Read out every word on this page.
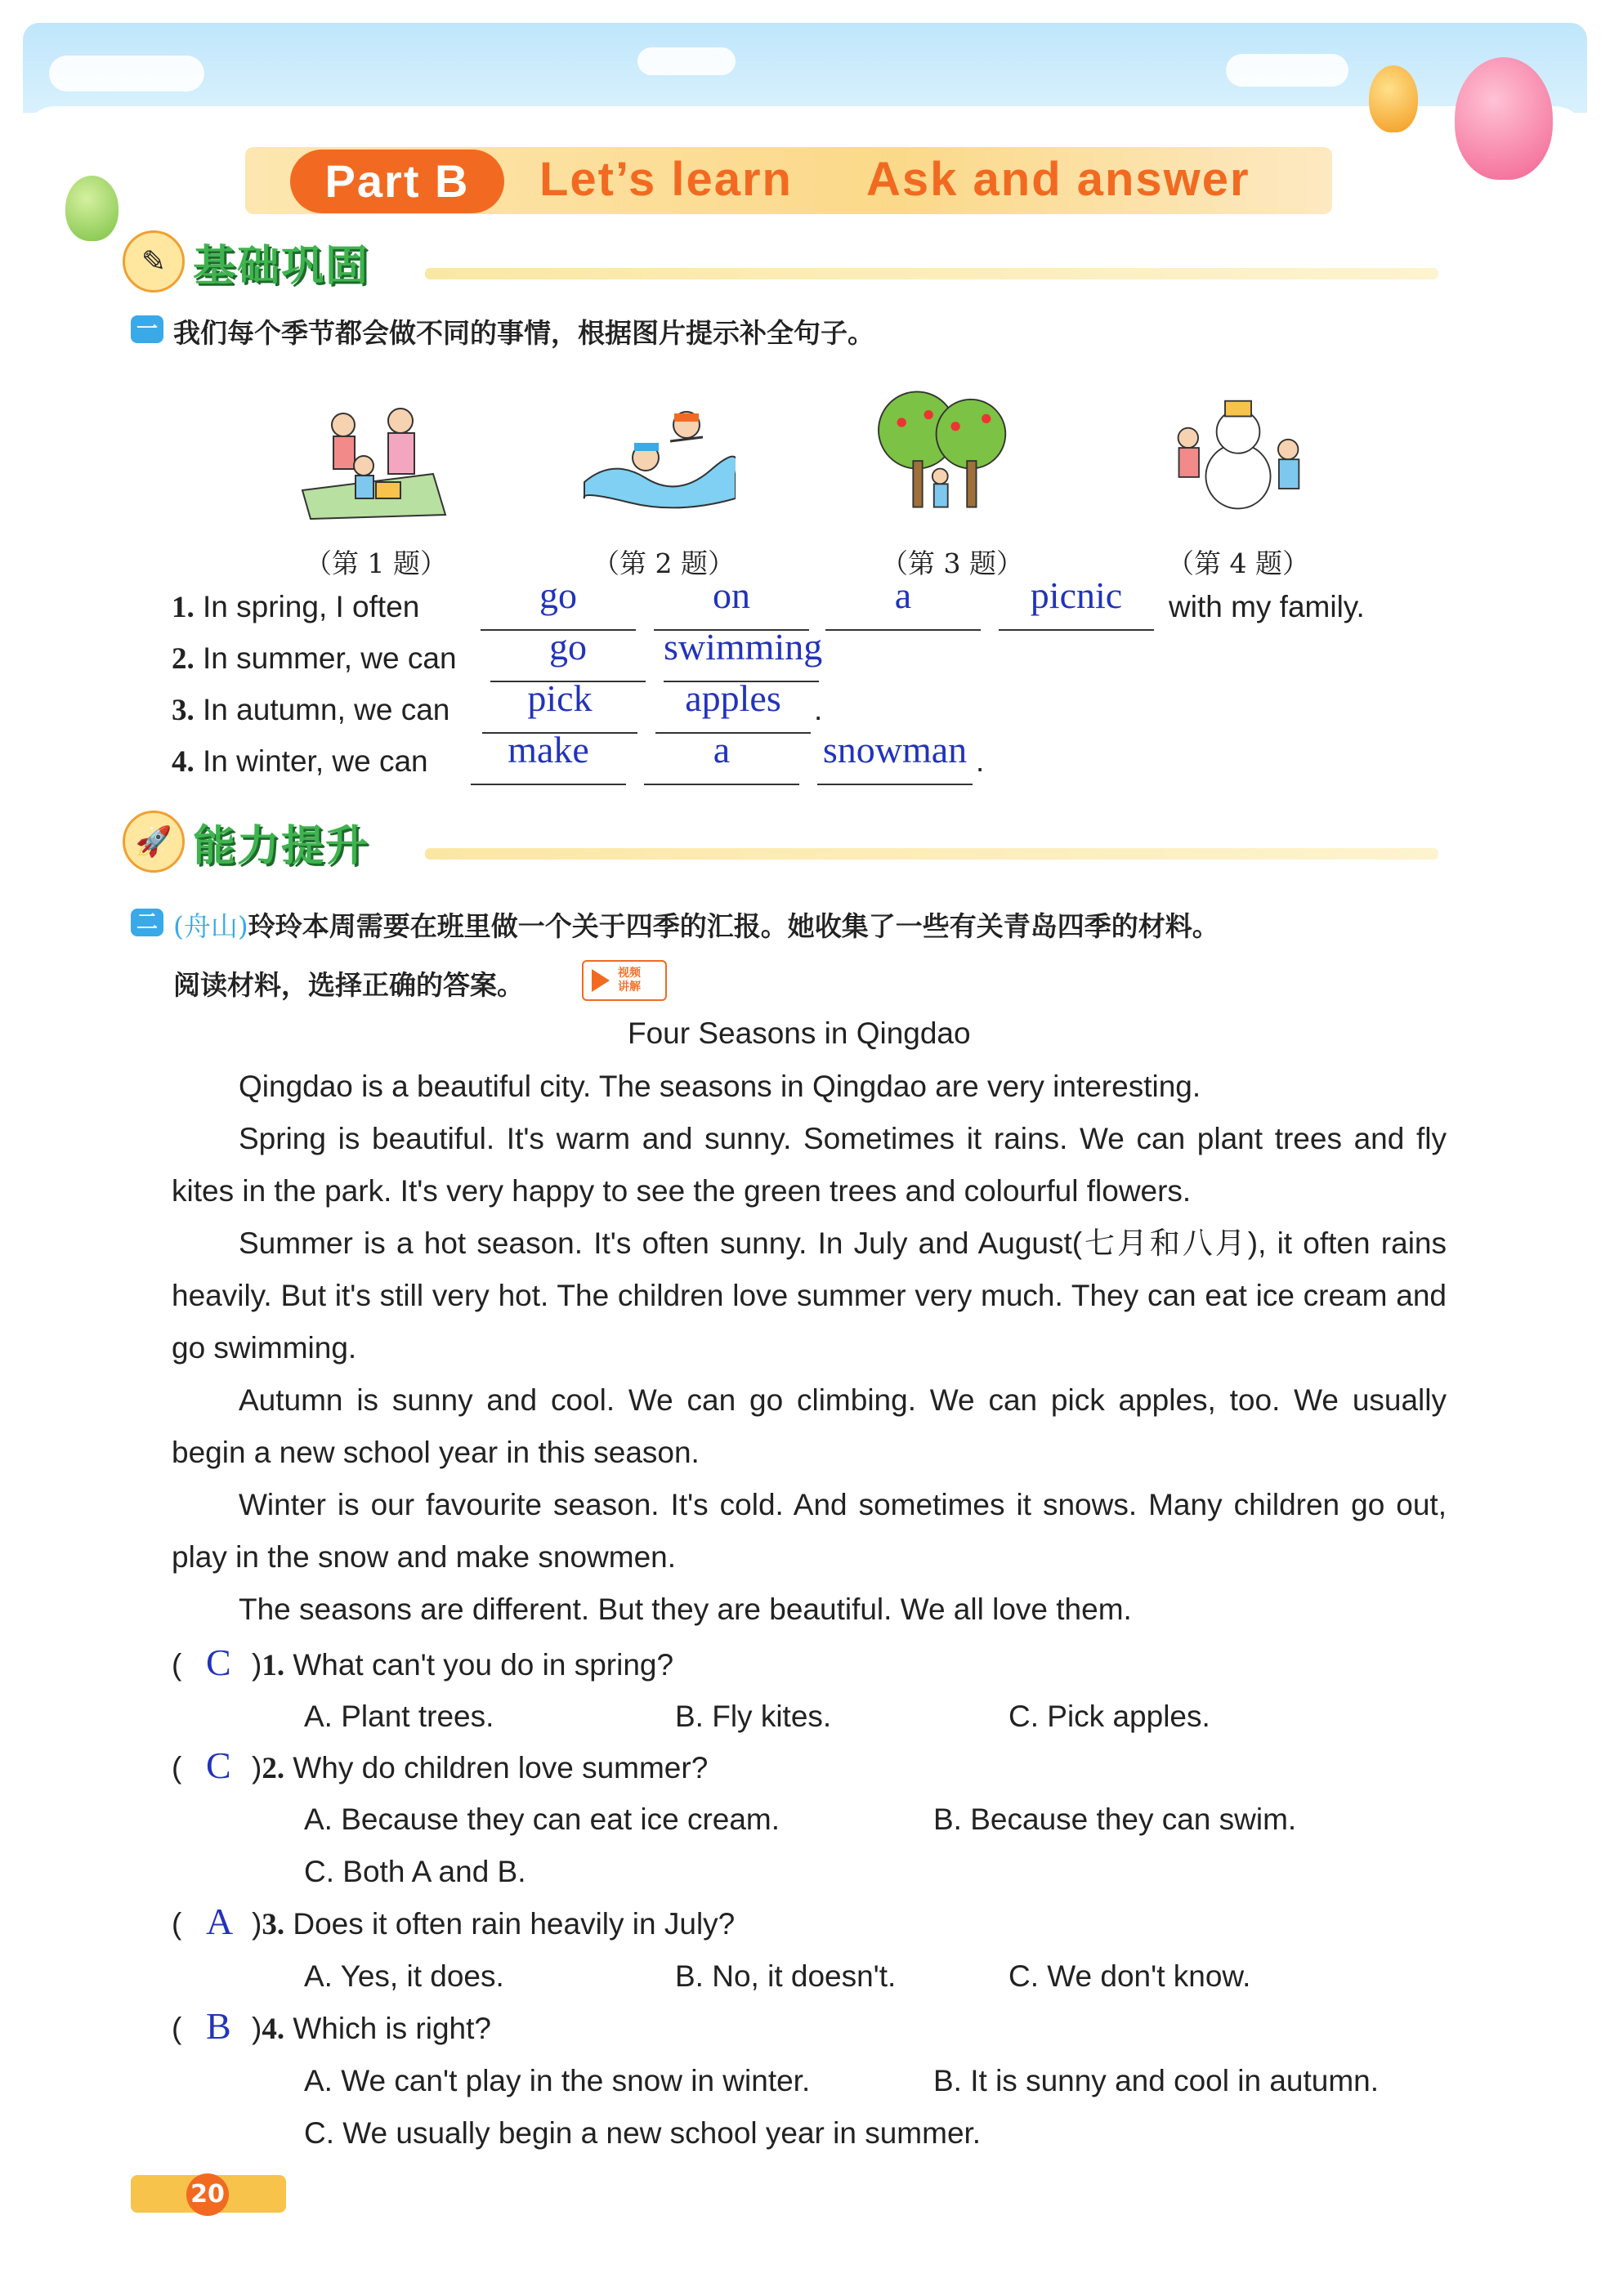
Part B	Let’s learn Ask and answer
✎ 基础巩固
一 我们每个季节都会做不同的事情，根据图片提示补全句子。
（第 1 题）	（第 2 题）	（第 3 题）	（第 4 题）
1. In spring, I often	go	on	a	picnic	with my family.
2. In summer, we can	go	swimming
3. In autumn, we can	pick	apples	.
4. In winter, we can	make	a	snowman .
🚀 能力提升
二 (舟山)玲玲本周需要在班里做一个关于四季的汇报。她收集了一些有关青岛四季的材料。
阅读材料，选择正确的答案。	视频讲解
Four Seasons in Qingdao
Qingdao is a beautiful city. The seasons in Qingdao are very interesting.
Spring is beautiful. It's warm and sunny. Sometimes it rains. We can plant trees and fly kites in the park. It's very happy to see the green trees and colourful flowers.
Summer is a hot season. It's often sunny. In July and August(七月和八月), it often rains heavily. But it's still very hot. The children love summer very much. They can eat ice cream and go swimming.
Autumn is sunny and cool. We can go climbing. We can pick apples, too. We usually begin a new school year in this season.
Winter is our favourite season. It's cold. And sometimes it snows. Many children go out, play in the snow and make snowmen.
The seasons are different. But they are beautiful. We all love them.
( C )1. What can't you do in spring?
A. Plant trees.	B. Fly kites.	C. Pick apples.
( C )2. Why do children love summer?
A. Because they can eat ice cream.	B. Because they can swim.
C. Both A and B.
( A )3. Does it often rain heavily in July?
A. Yes, it does.	B. No, it doesn't.	C. We don't know.
( B )4. Which is right?
A. We can't play in the snow in winter.	B. It is sunny and cool in autumn.
C. We usually begin a new school year in summer.
20
